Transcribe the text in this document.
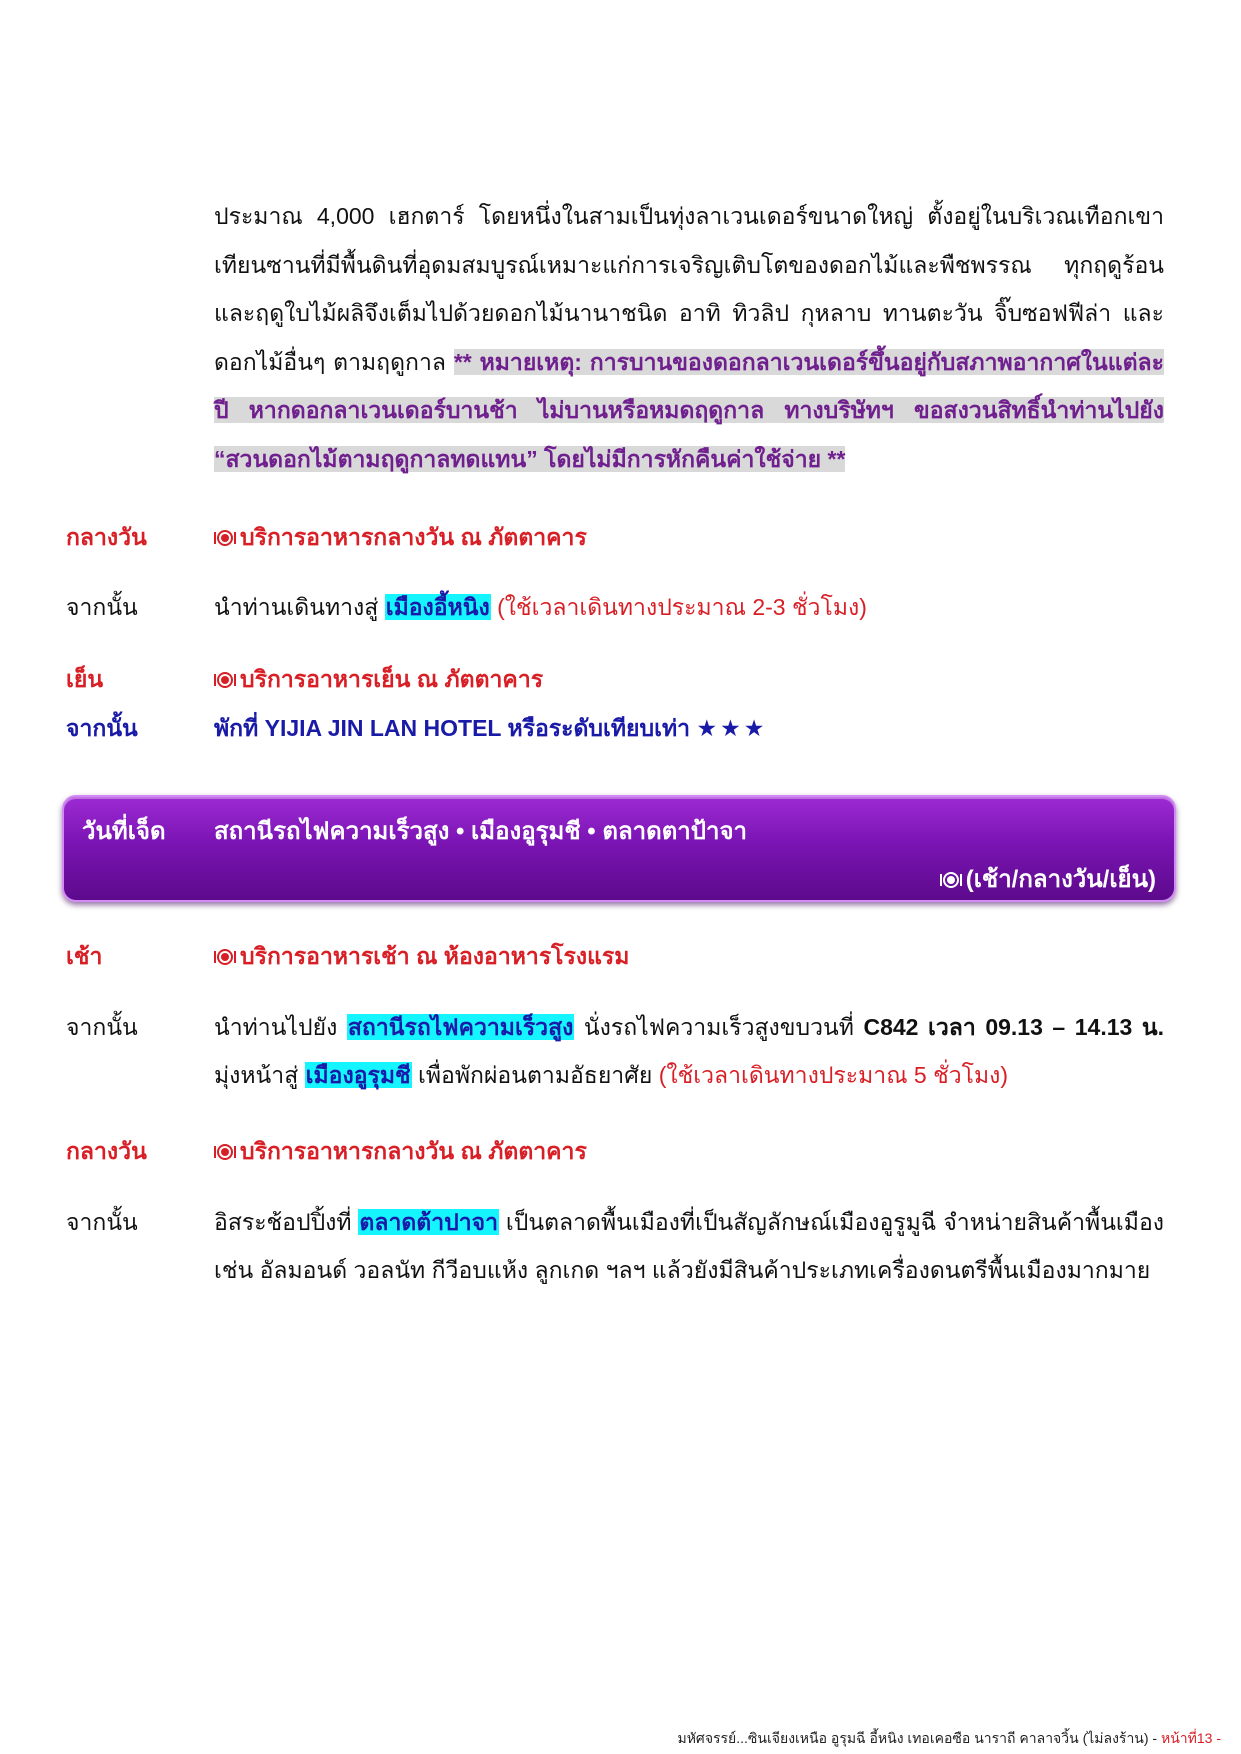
ประมาณ 4,000 เฮกตาร์ โดยหนึ่งในสามเป็นทุ่งลาเวนเดอร์ขนาดใหญ่ ตั้งอยู่ในบริเวณเทือกเขาเทียนซานที่มีพื้นดินที่อุดมสมบูรณ์เหมาะแก่การเจริญเติบโตของดอกไม้และพืชพรรณ ทุกฤดูร้อนและฤดูใบไม้ผลิจึงเต็มไปด้วยดอกไม้นานาชนิด อาทิ ทิวลิป กุหลาบ ทานตะวัน จิ๊บซอฟฟีล่า และดอกไม้อื่นๆ ตามฤดูกาล ** หมายเหตุ: การบานของดอกลาเวนเดอร์ขึ้นอยู่กับสภาพอากาศในแต่ละปี หากดอกลาเวนเดอร์บานช้า ไม่บานหรือหมดฤดูกาล ทางบริษัทฯ ขอสงวนสิทธิ์นำท่านไปยัง “สวนดอกไม้ตามฤดูกาลทดแทน” โดยไม่มีการหักคืนค่าใช้จ่าย **
กลางวัน	บริการอาหารกลางวัน ณ ภัตตาคาร
จากนั้น	นำท่านเดินทางสู่ เมืองอี้หนิง (ใช้เวลาเดินทางประมาณ 2-3 ชั่วโมง)
เย็น	บริการอาหารเย็น ณ ภัตตาคาร
จากนั้น	พักที่ YIJIA JIN LAN HOTEL หรือระดับเทียบเท่า ★★★
วันที่เจ็ด สถานีรถไฟความเร็วสูง • เมืองอูรุมชี • ตลาดตาป้าจา
(เช้า/กลางวัน/เย็น)
เช้า	บริการอาหารเช้า ณ ห้องอาหารโรงแรม
จากนั้น	นำท่านไปยัง สถานีรถไฟความเร็วสูง นั่งรถไฟความเร็วสูงขบวนที่ C842 เวลา 09.13 – 14.13 น. มุ่งหน้าสู่ เมืองอูรุมชี เพื่อพักผ่อนตามอัธยาศัย (ใช้เวลาเดินทางประมาณ 5 ชั่วโมง)
กลางวัน	บริการอาหารกลางวัน ณ ภัตตาคาร
จากนั้น	อิสระช้อปปิ้งที่ ตลาดต้าปาจา เป็นตลาดพื้นเมืองที่เป็นสัญลักษณ์เมืองอูรูมูฉี จำหน่ายสินค้าพื้นเมือง เช่น อัลมอนด์ วอลนัท กีวีอบแห้ง ลูกเกด ฯลฯ แล้วยังมีสินค้าประเภทเครื่องดนตรีพื้นเมืองมากมาย
มหัศจรรย์...ซินเจียงเหนือ อูรุมฉี อี้หนิง เทอเคอซือ นาราถี คาลาจวิ้น (ไม่ลงร้าน) - หน้าที่13 -
